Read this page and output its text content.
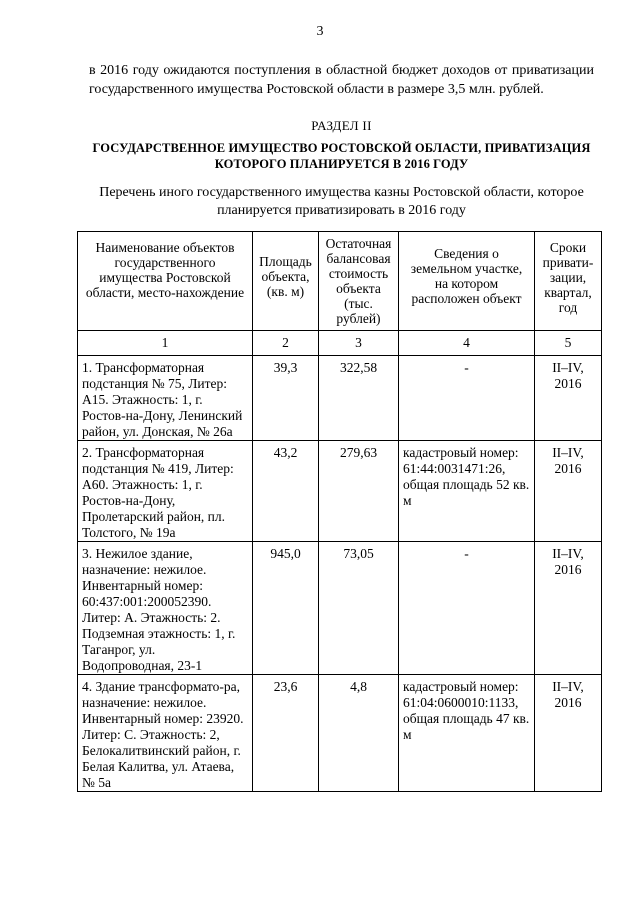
3

в 2016 году ожидаются поступления в областной бюджет доходов от приватизации государственного имущества Ростовской области в размере 3,5 млн. рублей.

РАЗДЕЛ II
ГОСУДАРСТВЕННОЕ ИМУЩЕСТВО РОСТОВСКОЙ ОБЛАСТИ, ПРИВАТИЗАЦИЯ КОТОРОГО ПЛАНИРУЕТСЯ В 2016 ГОДУ
Перечень иного государственного имущества казны Ростовской области, которое планируется приватизировать в 2016 году
Наименование объектов государственного имущества Ростовской области, место-нахождение	Площадь объекта, (кв. м)	Остаточная балансовая стоимость объекта (тыс. рублей)	Сведения о земельном участке, на котором расположен объект	Сроки привати-зации, квартал, год
1	2	3	4	5
1. Трансформаторная подстанция № 75, Литер: А15. Этажность: 1, г. Ростов-на-Дону, Ленинский район, ул. Донская, № 26а	39,3	322,58	-	II–IV, 2016
2. Трансформаторная подстанция № 419, Литер: А60. Этажность: 1, г. Ростов-на-Дону, Пролетарский район, пл. Толстого, № 19а	43,2	279,63	кадастровый номер: 61:44:0031471:26, общая площадь 52 кв. м	II–IV, 2016
3. Нежилое здание, назначение: нежилое. Инвентарный номер: 60:437:001:200052390. Литер: А. Этажность: 2. Подземная этажность: 1, г. Таганрог, ул. Водопроводная, 23-1	945,0	73,05	-	II–IV, 2016
4. Здание трансформато-ра, назначение: нежилое. Инвентарный номер: 23920. Литер: С. Этажность: 2, Белокалитвинский район, г. Белая Калитва, ул. Атаева, № 5а	23,6	4,8	кадастровый номер: 61:04:0600010:1133, общая площадь 47 кв. м	II–IV, 2016
